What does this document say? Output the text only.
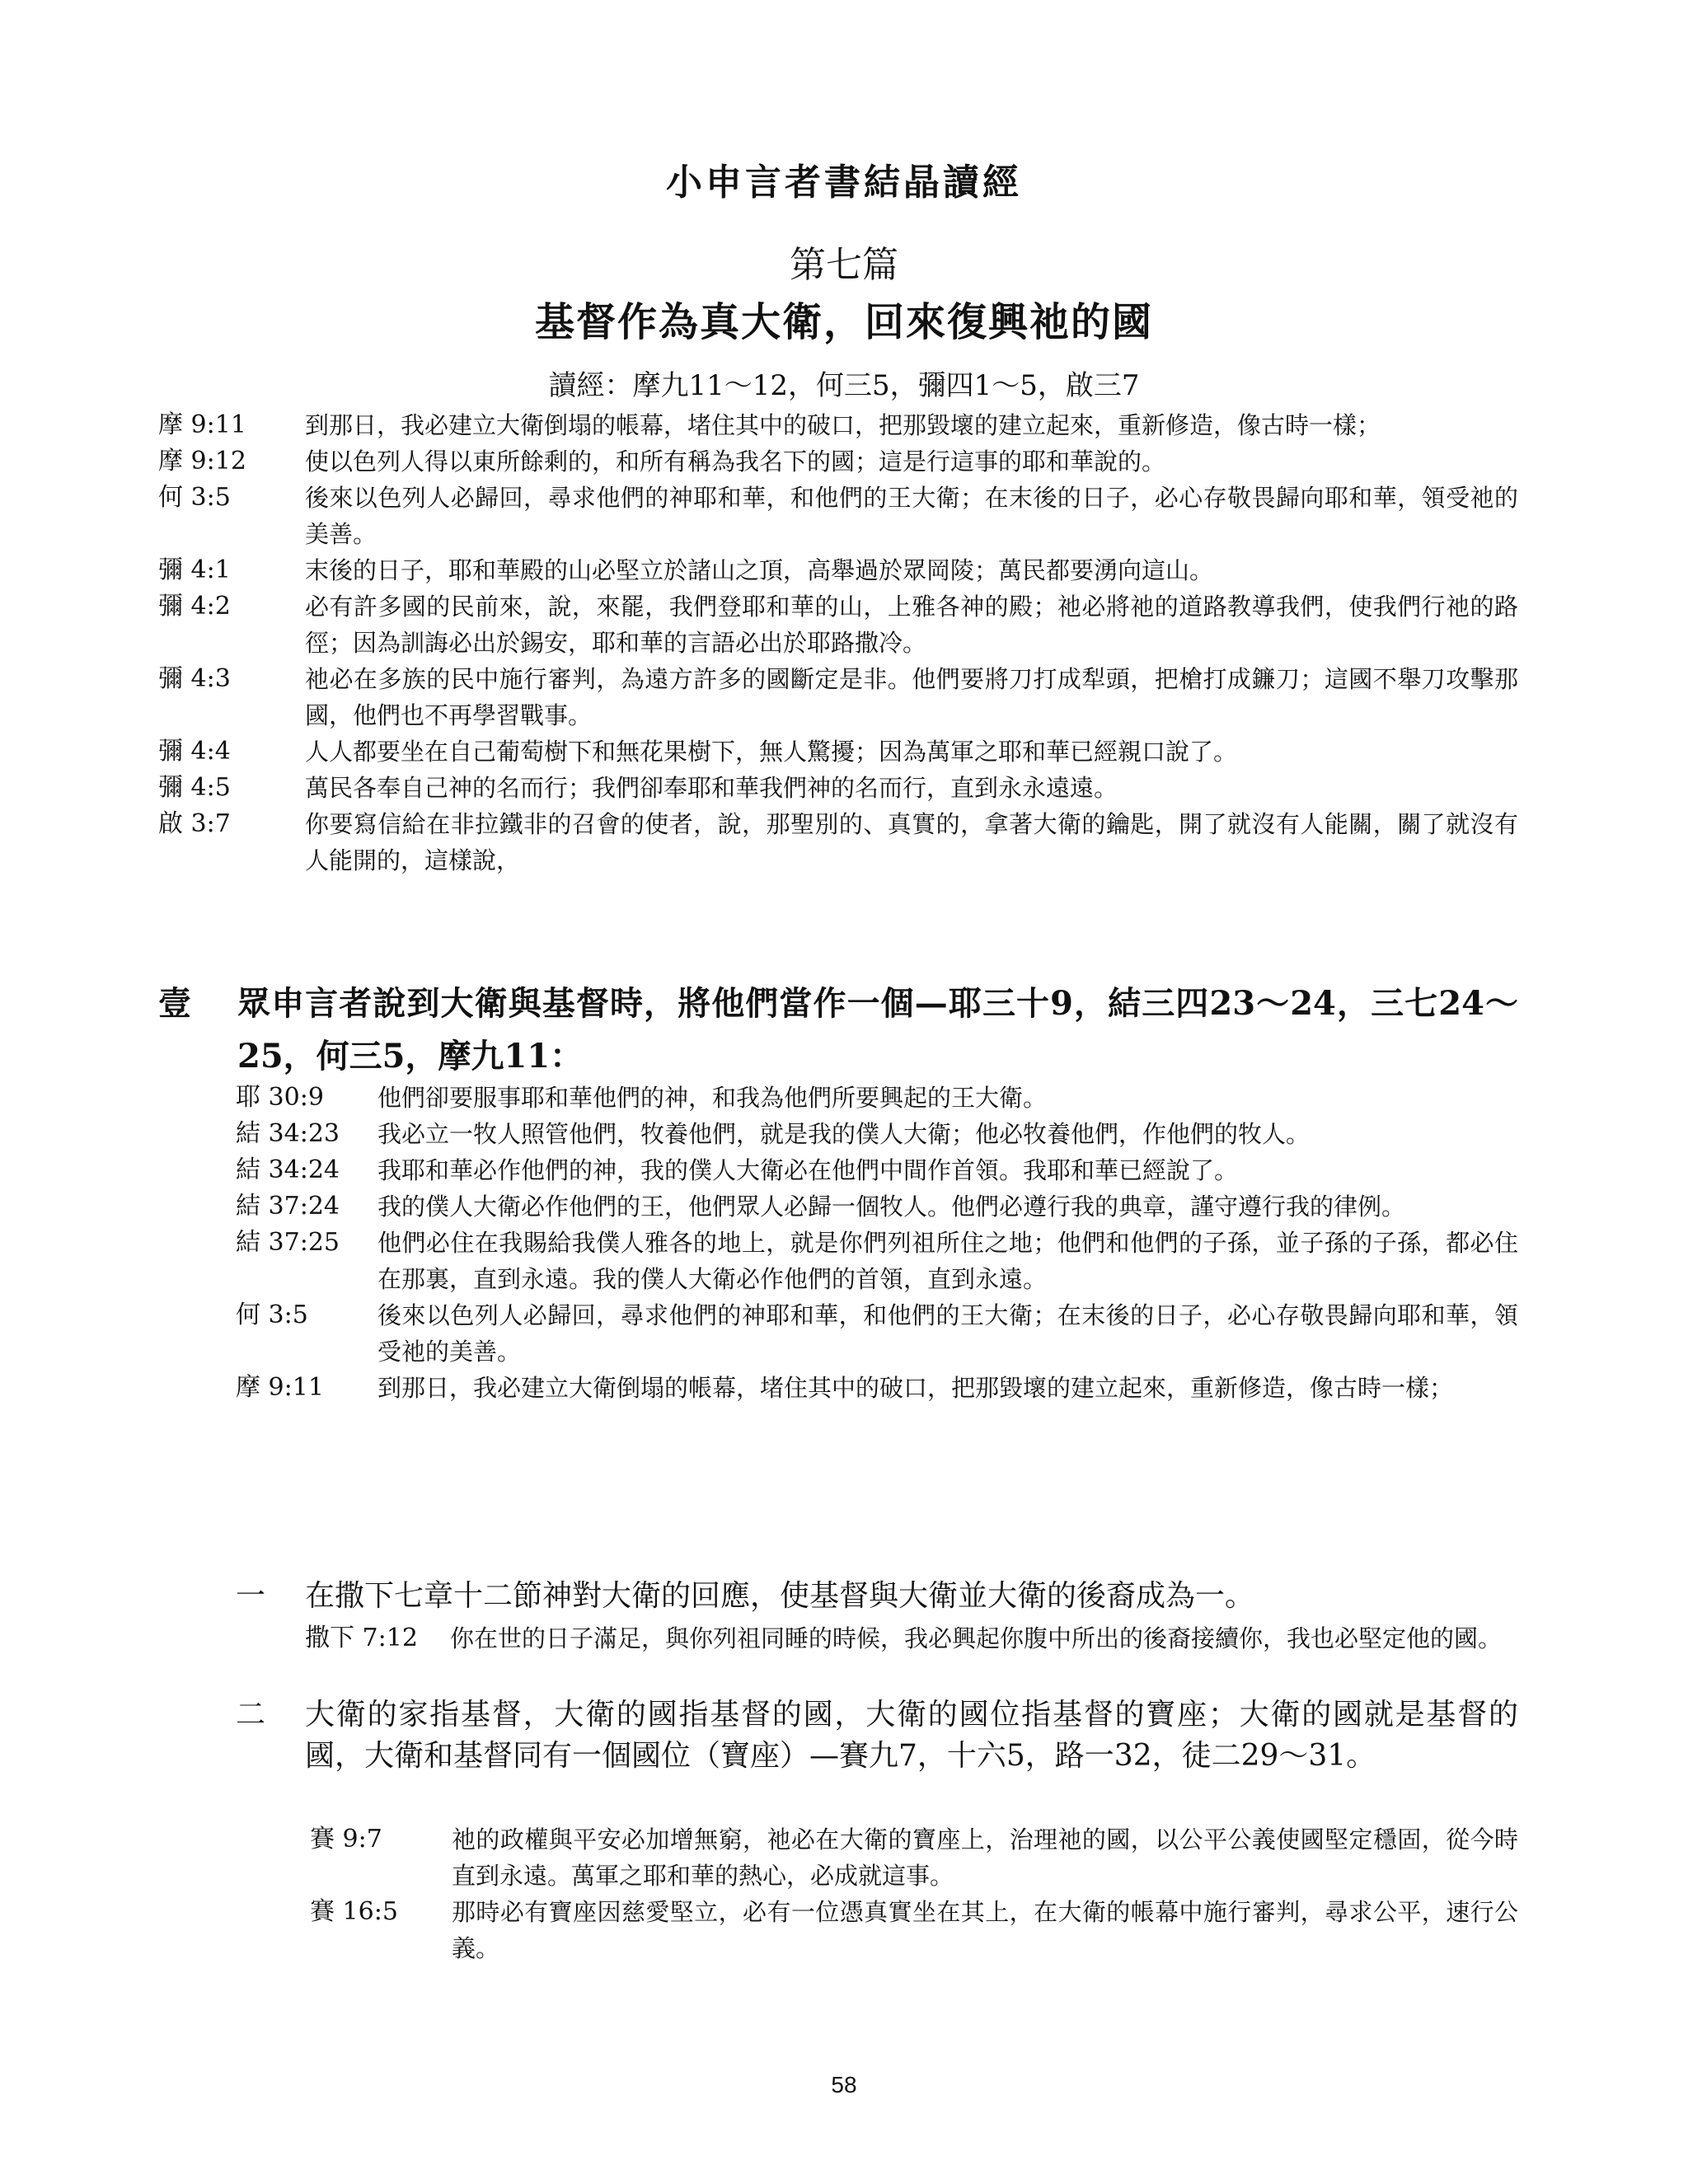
小申言者書結晶讀經
第七篇
基督作為真大衛，回來復興祂的國
讀經：摩九11～12，何三5，彌四1～5，啟三7
摩 9:11 到那日，我必建立大衛倒塌的帳幕，堵住其中的破口，把那毀壞的建立起來，重新修造，像古時一樣；
摩 9:12 使以色列人得以東所餘剩的，和所有稱為我名下的國；這是行這事的耶和華說的。
何 3:5	後來以色列人必歸回，尋求他們的神耶和華，和他們的王大衛；在末後的日子，必心存敬畏歸向耶和華，領受祂的美善。
彌 4:1	末後的日子，耶和華殿的山必堅立於諸山之頂，高舉過於眾岡陵；萬民都要湧向這山。
彌 4:2	必有許多國的民前來，說，來罷，我們登耶和華的山，上雅各神的殿；祂必將祂的道路教導我們，使我們行祂的路徑；因為訓誨必出於錫安，耶和華的言語必出於耶路撒冷。
彌 4:3	祂必在多族的民中施行審判，為遠方許多的國斷定是非。他們要將刀打成犁頭，把槍打成鐮刀；這國不舉刀攻擊那國，他們也不再學習戰事。
彌 4:4	人人都要坐在自己葡萄樹下和無花果樹下，無人驚擾；因為萬軍之耶和華已經親口說了。
彌 4:5	萬民各奉自己神的名而行；我們卻奉耶和華我們神的名而行，直到永永遠遠。
啟 3:7	你要寫信給在非拉鐵非的召會的使者，說，那聖別的、真實的，拿著大衛的鑰匙，開了就沒有人能關，關了就沒有人能開的，這樣說，
壹 眾申言者說到大衛與基督時，將他們當作一個—耶三十9，結三四23～24，三七24～25，何三5，摩九11：
耶 30:9 他們卻要服事耶和華他們的神，和我為他們所要興起的王大衛。
結 34:23 我必立一牧人照管他們，牧養他們，就是我的僕人大衛；他必牧養他們，作他們的牧人。
結 34:24 我耶和華必作他們的神，我的僕人大衛必在他們中間作首領。我耶和華已經說了。
結 37:24 我的僕人大衛必作他們的王，他們眾人必歸一個牧人。他們必遵行我的典章，謹守遵行我的律例。
結 37:25 他們必住在我賜給我僕人雅各的地上，就是你們列祖所住之地；他們和他們的子孫，並子孫的子孫，都必住在那裏，直到永遠。我的僕人大衛必作他們的首領，直到永遠。
何 3:5	後來以色列人必歸回，尋求他們的神耶和華，和他們的王大衛；在末後的日子，必心存敬畏歸向耶和華，領受祂的美善。
摩 9:11 到那日，我必建立大衛倒塌的帳幕，堵住其中的破口，把那毀壞的建立起來，重新修造，像古時一樣；
一 在撒下七章十二節神對大衛的回應，使基督與大衛並大衛的後裔成為一。
撒下 7:12 你在世的日子滿足，與你列祖同睡的時候，我必興起你腹中所出的後裔接續你，我也必堅定他的國。
二 大衛的家指基督，大衛的國指基督的國，大衛的國位指基督的寶座；大衛的國就是基督的國，大衛和基督同有一個國位（寶座）—賽九7，十六5，路一32，徒二29～31。
賽 9:7	祂的政權與平安必加增無窮，祂必在大衛的寶座上，治理祂的國，以公平公義使國堅定穩固，從今時直到永遠。萬軍之耶和華的熱心，必成就這事。
賽 16:5 那時必有寶座因慈愛堅立，必有一位憑真實坐在其上，在大衛的帳幕中施行審判，尋求公平，速行公義。
58
